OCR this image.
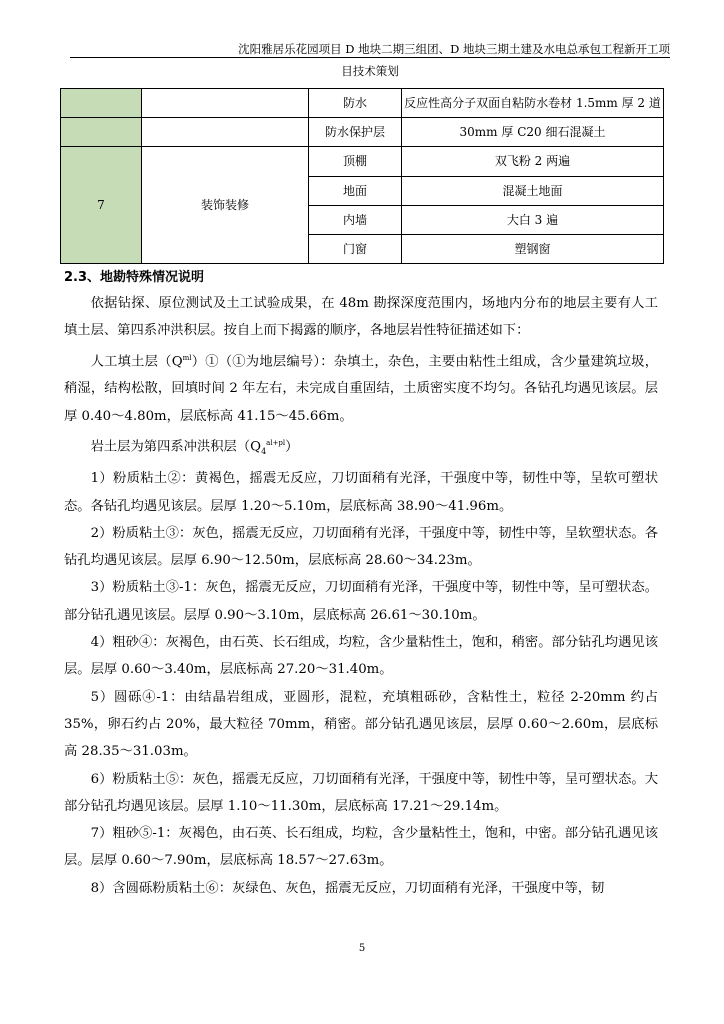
沈阳雅居乐花园项目 D 地块二期三组团、D 地块三期土建及水电总承包工程新开工项
目技术策划
		防水	反应性高分子双面自粘防水卷材 1.5mm 厚 2 道
		防水保护层	30mm 厚 C20 细石混凝土
7	装饰装修	顶棚	双飞粉 2 两遍
		地面	混凝土地面
		内墙	大白 3 遍
		门窗	塑钢窗
2.3、地勘特殊情况说明

依据钻探、原位测试及土工试验成果，在 48m 勘探深度范围内，场地内分布的地层主要有人工填土层、第四系冲洪积层。按自上而下揭露的顺序，各地层岩性特征描述如下：

人工填土层$(Q^{ml})①(①$为地层编号）：杂填土，杂色，主要由粘性土组成，含少量建筑垃圾，稍湿，结构松散，回填时间 2 年左右，未完成自重固结，土质密实度不均匀。各钻孔均遇见该层。层厚 0.40～4.80m，层底标高 41.15～45.66m。

岩土层为第四系冲洪积层$(Q_4^{al+pl})$

1）粉质粘土②：黄褐色，摇震无反应，刀切面稍有光泽，干强度中等，韧性中等，呈软可塑状态。各钻孔均遇见该层。层厚 1.20～5.10m，层底标高 38.90～41.96m。

2）粉质粘土③：灰色，摇震无反应，刀切面稍有光泽，干强度中等，韧性中等，呈软塑状态。各钻孔均遇见该层。层厚 6.90～12.50m，层底标高 28.60～34.23m。

3）粉质粘土③-1：灰色，摇震无反应，刀切面稍有光泽，干强度中等，韧性中等，呈可塑状态。部分钻孔遇见该层。层厚 0.90～3.10m，层底标高 26.61～30.10m。

4）粗砂④：灰褐色，由石英、长石组成，均粒，含少量粘性土，饱和，稍密。部分钻孔均遇见该层。层厚 0.60～3.40m，层底标高 27.20～31.40m。

5）圆砾④-1：由结晶岩组成，亚圆形，混粒，充填粗砾砂，含粘性土，粒径 2-20mm 约占 35%，卵石约占 20%，最大粒径 70mm，稍密。部分钻孔遇见该层，层厚 0.60～2.60m，层底标高 28.35～31.03m。

6）粉质粘土⑤：灰色，摇震无反应，刀切面稍有光泽，干强度中等，韧性中等，呈可塑状态。大部分钻孔均遇见该层。层厚 1.10～11.30m，层底标高 17.21～29.14m。

7）粗砂⑤-1：灰褐色，由石英、长石组成，均粒，含少量粘性土，饱和，中密。部分钻孔遇见该层。层厚 0.60～7.90m，层底标高 18.57～27.63m。

8）含圆砾粉质粘土⑥：灰绿色、灰色，摇震无反应，刀切面稍有光泽，干强度中等，韧

5
